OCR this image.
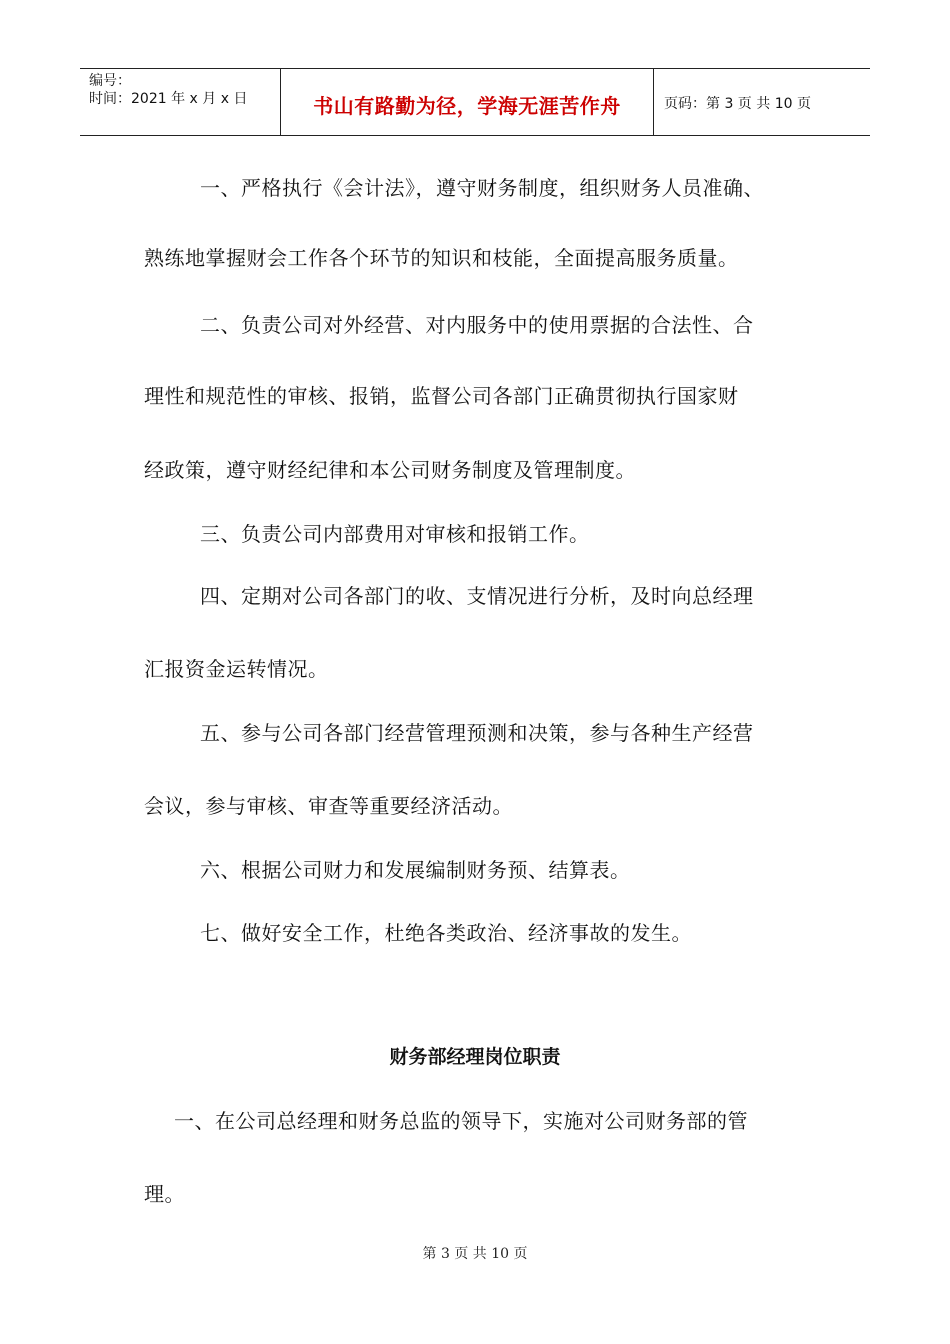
编号：
时间：2021 年 x 月 x 日	书山有路勤为径，学海无涯苦作舟	页码：第 3 页 共 10 页
一、严格执行《会计法》，遵守财务制度，组织财务人员准确、
熟练地掌握财会工作各个环节的知识和枝能，全面提高服务质量。
二、负责公司对外经营、对内服务中的使用票据的合法性、合
理性和规范性的审核、报销，监督公司各部门正确贯彻执行国家财
经政策，遵守财经纪律和本公司财务制度及管理制度。
三、负责公司内部费用对审核和报销工作。
四、定期对公司各部门的收、支情况进行分析，及时向总经理
汇报资金运转情况。
五、参与公司各部门经营管理预测和决策，参与各种生产经营
会议，参与审核、审查等重要经济活动。
六、根据公司财力和发展编制财务预、结算表。
七、做好安全工作，杜绝各类政治、经济事故的发生。
财务部经理岗位职责
一、在公司总经理和财务总监的领导下，实施对公司财务部的管
理。
第 3 页 共 10 页
